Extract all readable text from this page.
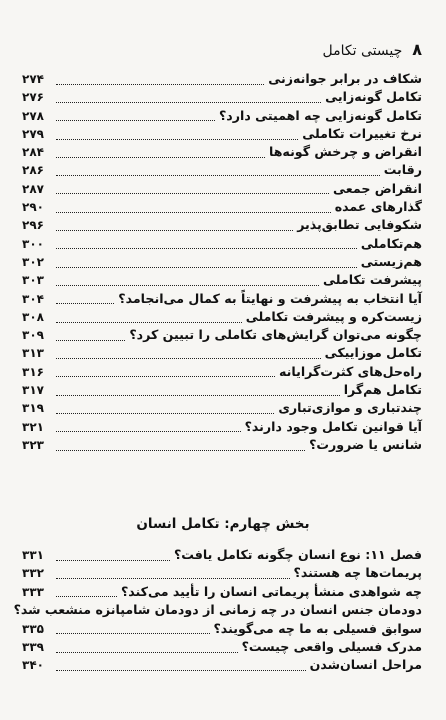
۸
چیستی تکامل
شکاف در برابر جوانه‌زنی
۲۷۴
تکامل گونه‌زایی
۲۷۶
تکامل گونه‌زایی چه اهمیتی دارد؟
۲۷۸
نرخ تغییرات تکاملی
۲۷۹
انقراض و چرخش گونه‌ها
۲۸۴
رقابت
۲۸۶
انقراض جمعی
۲۸۷
گذارهای عمده
۲۹۰
شکوفایی تطابق‌پذیر
۲۹۶
هم‌تکاملی
۳۰۰
هم‌زیستی
۳۰۲
پیشرفت تکاملی
۳۰۳
آیا انتخاب به پیشرفت و نهایتاً به کمال می‌انجامد؟
۳۰۴
زیست‌کره و پیشرفت تکاملی
۳۰۸
چگونه می‌توان گرایش‌های تکاملی را تبیین کرد؟
۳۰۹
تکامل موزاییکی
۳۱۳
راه‌حل‌های کثرت‌گرایانه
۳۱۶
تکامل هم‌گرا
۳۱۷
چندتباری و موازی‌تباری
۳۱۹
آیا قوانین تکامل وجود دارند؟
۳۲۱
شانس یا ضرورت؟
۳۲۳
بخش چهارم: تکامل انسان
فصل ۱۱: نوع انسان چگونه تکامل یافت؟
۳۳۱
پریمات‌ها چه هستند؟
۳۳۲
چه شواهدی منشأ پریماتی انسان را تأیید می‌کند؟
۳۳۳
دودمان جنس انسان در چه زمانی از دودمان شامپانزه منشعب شد؟
سوابق فسیلی به ما چه می‌گویند؟
۳۳۵
مدرک فسیلی واقعی چیست؟
۳۳۹
مراحل انسان‌شدن
۳۴۰
